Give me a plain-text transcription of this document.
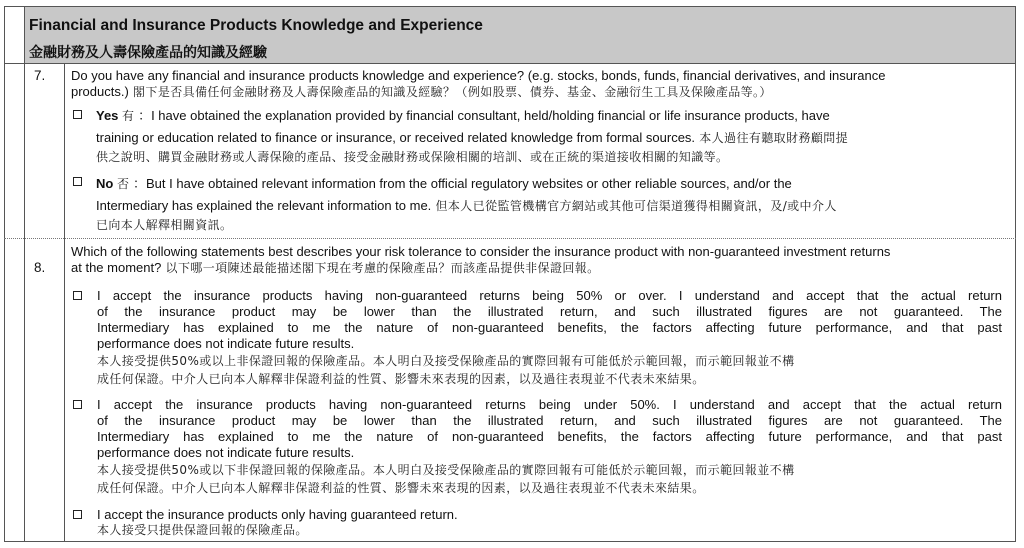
Financial and Insurance Products Knowledge and Experience
金融財務及人壽保險產品的知識及經驗
7. Do you have any financial and insurance products knowledge and experience? (e.g. stocks, bonds, funds, financial derivatives, and insurance
products.) 閣下是否具備任何金融財務及人壽保險產品的知識及經驗？（例如股票、債券、基金、金融衍生工具及保險產品等。）
Yes 有 ：I have obtained the explanation provided by financial consultant, held/holding financial or life insurance products, have
training or education related to finance or insurance, or received related knowledge from formal sources. 本人過往有聽取財務顧問提
供之說明、購買金融財務或人壽保險的產品、接受金融財務或保險相關的培訓、或在正統的渠道接收相關的知識等。
No 否 ：But I have obtained relevant information from the official regulatory websites or other reliable sources, and/or the
Intermediary has explained the relevant information to me. 但本人已從監管機構官方網站或其他可信渠道獲得相關資訊，及/或中介人
已向本人解釋相關資訊。
8.
Which of the following statements best describes your risk tolerance to consider the insurance product with non-guaranteed investment returns
at the moment? 以下哪一項陳述最能描述閣下現在考慮的保險產品？而該產品提供非保證回報。
I accept the insurance products having non-guaranteed returns being 50% or over. I understand and accept that the actual return
of the insurance product may be lower than the illustrated return, and such illustrated figures are not guaranteed. The
Intermediary has explained to me the nature of non-guaranteed benefits, the factors affecting future performance, and that past
performance does not indicate future results.
本人接受提供50%或以上非保證回報的保險產品。本人明白及接受保險產品的實際回報有可能低於示範回報，而示範回報並不構
成任何保證。中介人已向本人解釋非保證利益的性質、影響未來表現的因素，以及過往表現並不代表未來結果。
I accept the insurance products having non-guaranteed returns being under 50%. I understand and accept that the actual return
of the insurance product may be lower than the illustrated return, and such illustrated figures are not guaranteed. The
Intermediary has explained to me the nature of non-guaranteed benefits, the factors affecting future performance, and that past
performance does not indicate future results.
本人接受提供50%或以下非保證回報的保險產品。本人明白及接受保險產品的實際回報有可能低於示範回報，而示範回報並不構
成任何保證。中介人已向本人解釋非保證利益的性質、影響未來表現的因素，以及過往表現並不代表未來結果。
I accept the insurance products only having guaranteed return.
本人接受只提供保證回報的保險產品。
